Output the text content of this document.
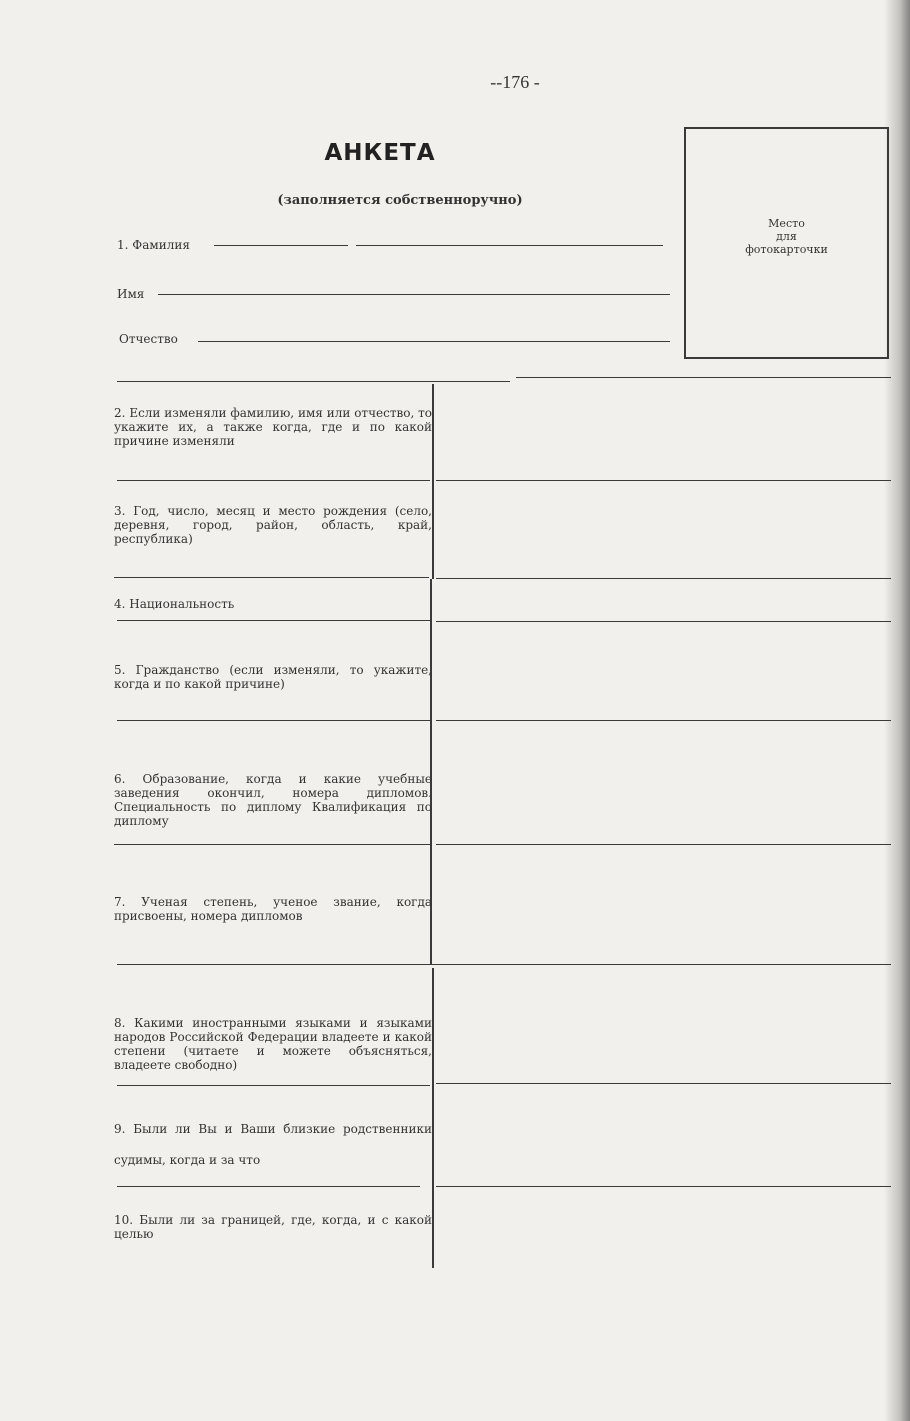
--176 -
АНКЕТА
(заполняется собственноручно)
Место
для
фотокарточки
1. Фамилия
Имя
Отчество
2. Если изменяли фамилию, имя или отчество, то укажите их, а также когда, где и по какой причине изменяли
3. Год, число, месяц и место рождения (село, деревня, город, район, область, край, республика)
4. Национальность
5. Гражданство (если изменяли, то укажите, когда и по какой причине)
6. Образование, когда и какие учебные заведения окончил, номера дипломов. Специальность по диплому Квалификация по диплому
7. Ученая степень, ученое звание, когда присвоены, номера дипломов
8. Какими иностранными языками и языками народов Российской Федерации владеете и какой степени (читаете и можете объясняться, владеете свободно)
9. Были ли Вы и Ваши близкие родственники судимы, когда и за что
10. Были ли за границей, где, когда, и с какой целью
